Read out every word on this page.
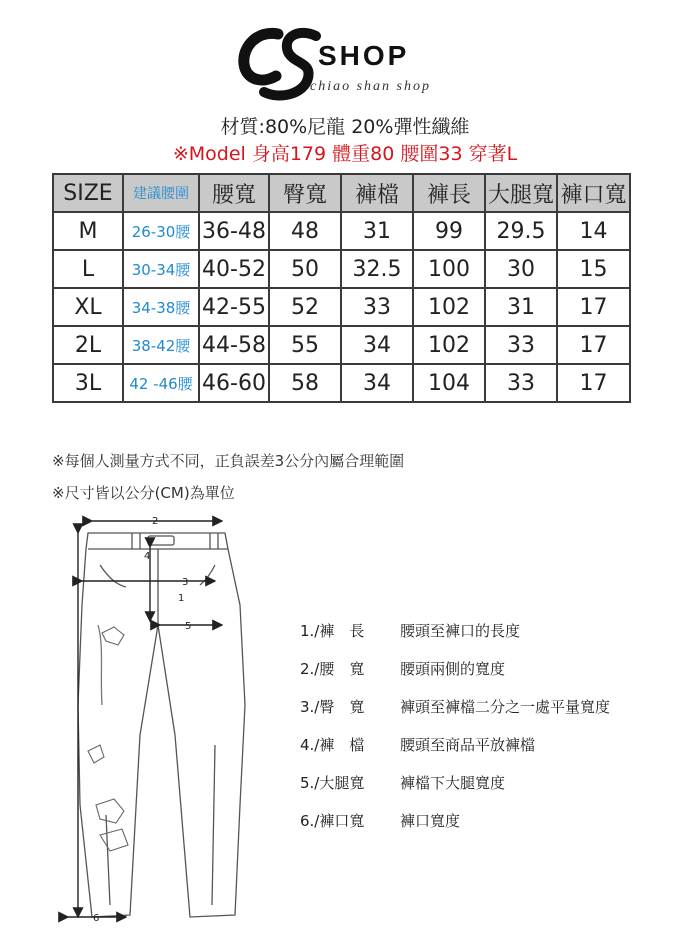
SHOP
chiao shan shop
材質:80%尼龍 20%彈性纖維
※Model 身高179 體重80 腰圍33 穿著L
SIZE	建議腰圍	腰寬	臀寬	褲檔	褲長	大腿寬	褲口寬
M	26-30腰	36-48	48	31	99	29.5	14
L	30-34腰	40-52	50	32.5	100	30	15
XL	34-38腰	42-55	52	33	102	31	17
2L	38-42腰	44-58	55	34	102	33	17
3L	42 -46腰	46-60	58	34	104	33	17
※每個人測量方式不同，正負誤差3公分內屬合理範圍
※尺寸皆以公分(CM)為單位
2
4
3
1
5
6
1./褲　長	腰頭至褲口的長度
2./腰　寬	腰頭兩側的寬度
3./臀　寬	褲頭至褲檔二分之一處平量寬度
4./褲　檔	腰頭至商品平放褲檔
5./大腿寬	褲檔下大腿寬度
6./褲口寬	褲口寬度
